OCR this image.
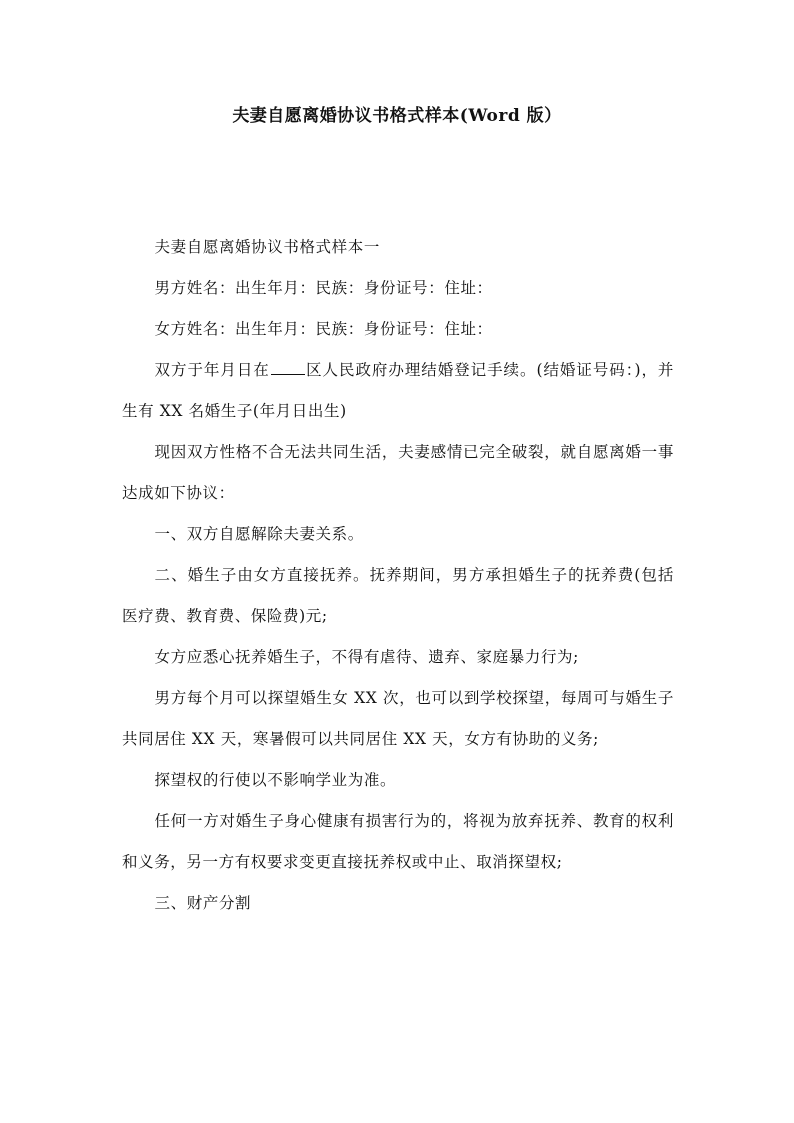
夫妻自愿离婚协议书格式样本(Word 版）

夫妻自愿离婚协议书格式样本一

男方姓名：出生年月：民族：身份证号：住址：

女方姓名：出生年月：民族：身份证号：住址：

双方于年月日在 区人民政府办理结婚登记手续。(结婚证号码：)，并生有 XX 名婚生子(年月日出生)

现因双方性格不合无法共同生活，夫妻感情已完全破裂，就自愿离婚一事达成如下协议：

一、双方自愿解除夫妻关系。

二、婚生子由女方直接抚养。抚养期间，男方承担婚生子的抚养费(包括医疗费、教育费、保险费)元;

女方应悉心抚养婚生子，不得有虐待、遗弃、家庭暴力行为;

男方每个月可以探望婚生女 XX 次，也可以到学校探望，每周可与婚生子共同居住 XX 天，寒暑假可以共同居住 XX 天，女方有协助的义务;

探望权的行使以不影响学业为准。

任何一方对婚生子身心健康有损害行为的，将视为放弃抚养、教育的权利和义务，另一方有权要求变更直接抚养权或中止、取消探望权;

三、财产分割
